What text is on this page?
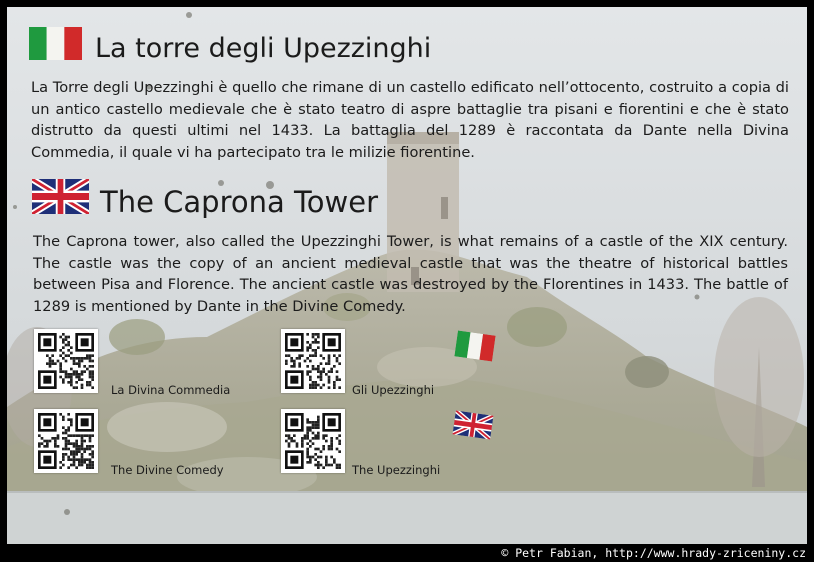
La torre degli Upezzinghi
La Torre degli Upezzinghi è quello che rimane di un castello edificato nell’ottocento, costruito a copia di un antico castello medievale che è stato teatro di aspre battaglie tra pisani e fiorentini e che è stato distrutto da questi ultimi nel 1433. La battaglia del 1289 è raccontata da Dante nella Divina Commedia, il quale vi ha partecipato tra le milizie fiorentine.
The Caprona Tower
The Caprona tower, also called the Upezzinghi Tower, is what remains of a castle of the XIX century. The castle was the copy of an ancient medieval castle that was the theatre of historical battles between Pisa and Florence. The ancient castle was destroyed by the Florentines in 1433. The battle of 1289 is mentioned by Dante in the Divine Comedy.
La Divina Commedia	Gli Upezzinghi
The Divine Comedy	The Upezzinghi
© Petr Fabian, http://www.hrady-zriceniny.cz
